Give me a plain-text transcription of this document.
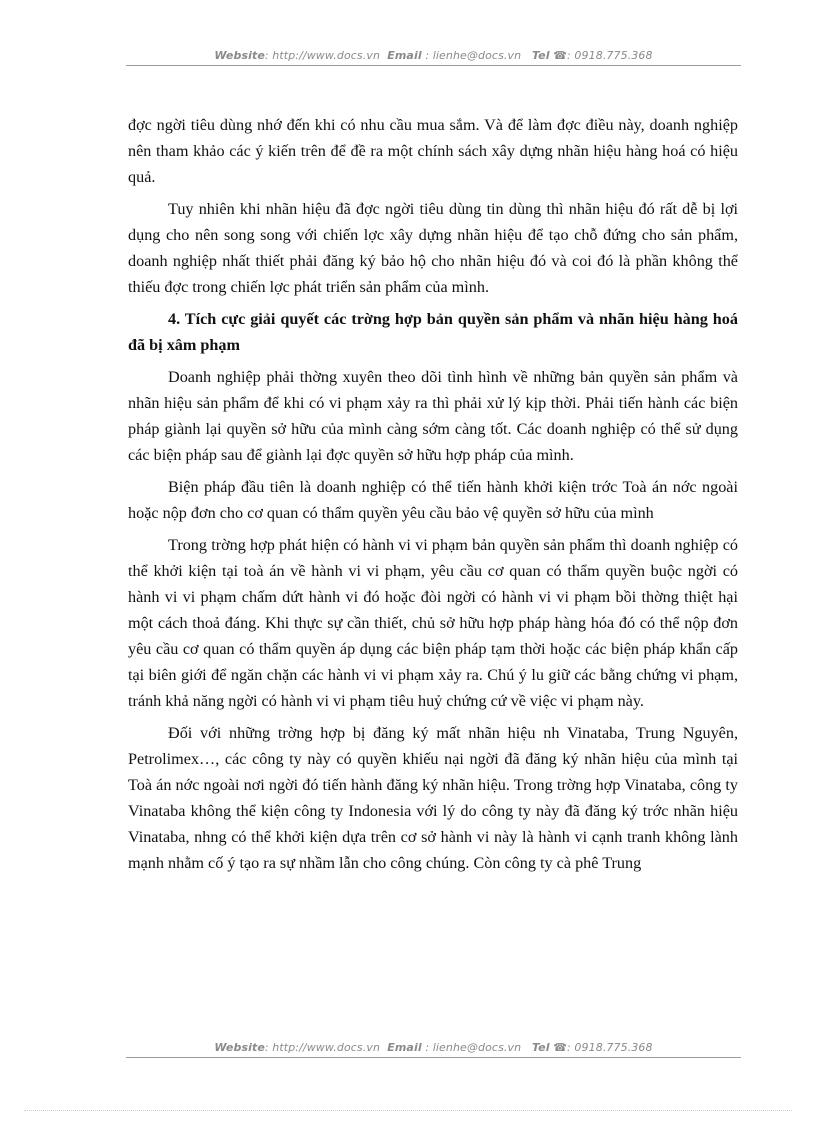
Website: http://www.docs.vn Email : lienhe@docs.vn Tel ☎: 0918.775.368

đợc ngời tiêu dùng nhớ đến khi có nhu cầu mua sắm. Và để làm đợc điều này, doanh nghiệp nên tham khảo các ý kiến trên để đề ra một chính sách xây dựng nhãn hiệu hàng hoá có hiệu quả.

Tuy nhiên khi nhãn hiệu đã đợc ngời tiêu dùng tin dùng thì nhãn hiệu đó rất dễ bị lợi dụng cho nên song song với chiến lợc xây dựng nhãn hiệu để tạo chỗ đứng cho sản phẩm, doanh nghiệp nhất thiết phải đăng ký bảo hộ cho nhãn hiệu đó và coi đó là phần không thể thiếu đợc trong chiến lợc phát triển sản phẩm của mình.

4. Tích cực giải quyết các trờng hợp bản quyền sản phẩm và nhãn hiệu hàng hoá đã bị xâm phạm

Doanh nghiệp phải thờng xuyên theo dõi tình hình về những bản quyền sản phẩm và nhãn hiệu sản phẩm để khi có vi phạm xảy ra thì phải xử lý kịp thời. Phải tiến hành các biện pháp giành lại quyền sở hữu của mình càng sớm càng tốt. Các doanh nghiệp có thể sử dụng các biện pháp sau để giành lại đợc quyền sở hữu hợp pháp của mình.

Biện pháp đầu tiên là doanh nghiệp có thể tiến hành khởi kiện trớc Toà án nớc ngoài hoặc nộp đơn cho cơ quan có thẩm quyền yêu cầu bảo vệ quyền sở hữu của mình

Trong trờng hợp phát hiện có hành vi vi phạm bản quyền sản phẩm thì doanh nghiệp có thể khởi kiện tại toà án về hành vi vi phạm, yêu cầu cơ quan có thẩm quyền buộc ngời có hành vi vi phạm chấm dứt hành vi đó hoặc đòi ngời có hành vi vi phạm bồi thờng thiệt hại một cách thoả đáng. Khi thực sự cần thiết, chủ sở hữu hợp pháp hàng hóa đó có thể nộp đơn yêu cầu cơ quan có thẩm quyền áp dụng các biện pháp tạm thời hoặc các biện pháp khẩn cấp tại biên giới để ngăn chặn các hành vi vi phạm xảy ra. Chú ý lu giữ các bằng chứng vi phạm, tránh khả năng ngời có hành vi vi phạm tiêu huỷ chứng cứ về việc vi phạm này.

Đối với những trờng hợp bị đăng ký mất nhãn hiệu nh Vinataba, Trung Nguyên, Petrolimex…, các công ty này có quyền khiếu nại ngời đã đăng ký nhãn hiệu của mình tại Toà án nớc ngoài nơi ngời đó tiến hành đăng ký nhãn hiệu. Trong trờng hợp Vinataba, công ty Vinataba không thể kiện công ty Indonesia với lý do công ty này đã đăng ký trớc nhãn hiệu Vinataba, nhng có thể khởi kiện dựa trên cơ sở hành vi này là hành vi cạnh tranh không lành mạnh nhằm cố ý tạo ra sự nhầm lẫn cho công chúng. Còn công ty cà phê Trung

Website: http://www.docs.vn Email : lienhe@docs.vn Tel ☎: 0918.775.368
